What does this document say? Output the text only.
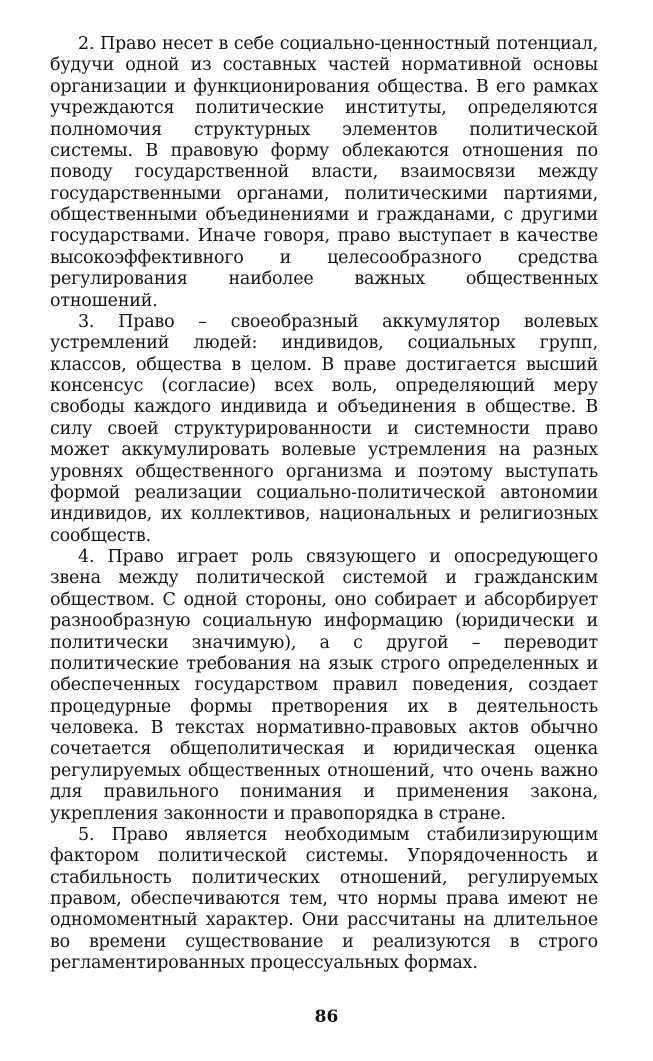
2. Право несет в себе социально-ценностный потенциал, будучи одной из составных частей нормативной основы организации и функционирования общества. В его рамках учреждаются политические институты, определяются полномочия структурных элементов политической системы. В правовую форму облекаются отношения по поводу государственной власти, взаимосвязи между государственными органами, политическими партиями, общественными объединениями и гражданами, с другими государствами. Иначе говоря, право выступает в качестве высокоэффективного и целесообразного средства регулирования наиболее важных общественных отношений.

3. Право – своеобразный аккумулятор волевых устремлений людей: индивидов, социальных групп, классов, общества в целом. В праве достигается высший консенсус (согласие) всех воль, определяющий меру свободы каждого индивида и объединения в обществе. В силу своей структурированности и системности право может аккумулировать волевые устремления на разных уровнях общественного организма и поэтому выступать формой реализации социально-политической автономии индивидов, их коллективов, национальных и религиозных сообществ.

4. Право играет роль связующего и опосредующего звена между политической системой и гражданским обществом. С одной стороны, оно собирает и абсорбирует разнообразную социальную информацию (юридически и политически значимую), а с другой – переводит политические требования на язык строго определенных и обеспеченных государством правил поведения, создает процедурные формы претворения их в деятельность человека. В текстах нормативно-правовых актов обычно сочетается общеполитическая и юридическая оценка регулируемых общественных отношений, что очень важно для правильного понимания и применения закона, укрепления законности и правопорядка в стране.

5. Право является необходимым стабилизирующим фактором политической системы. Упорядоченность и стабильность политических отношений, регулируемых правом, обеспечиваются тем, что нормы права имеют не одномоментный характер. Они рассчитаны на длительное во времени существование и реализуются в строго регламентированных процессуальных формах.

86
